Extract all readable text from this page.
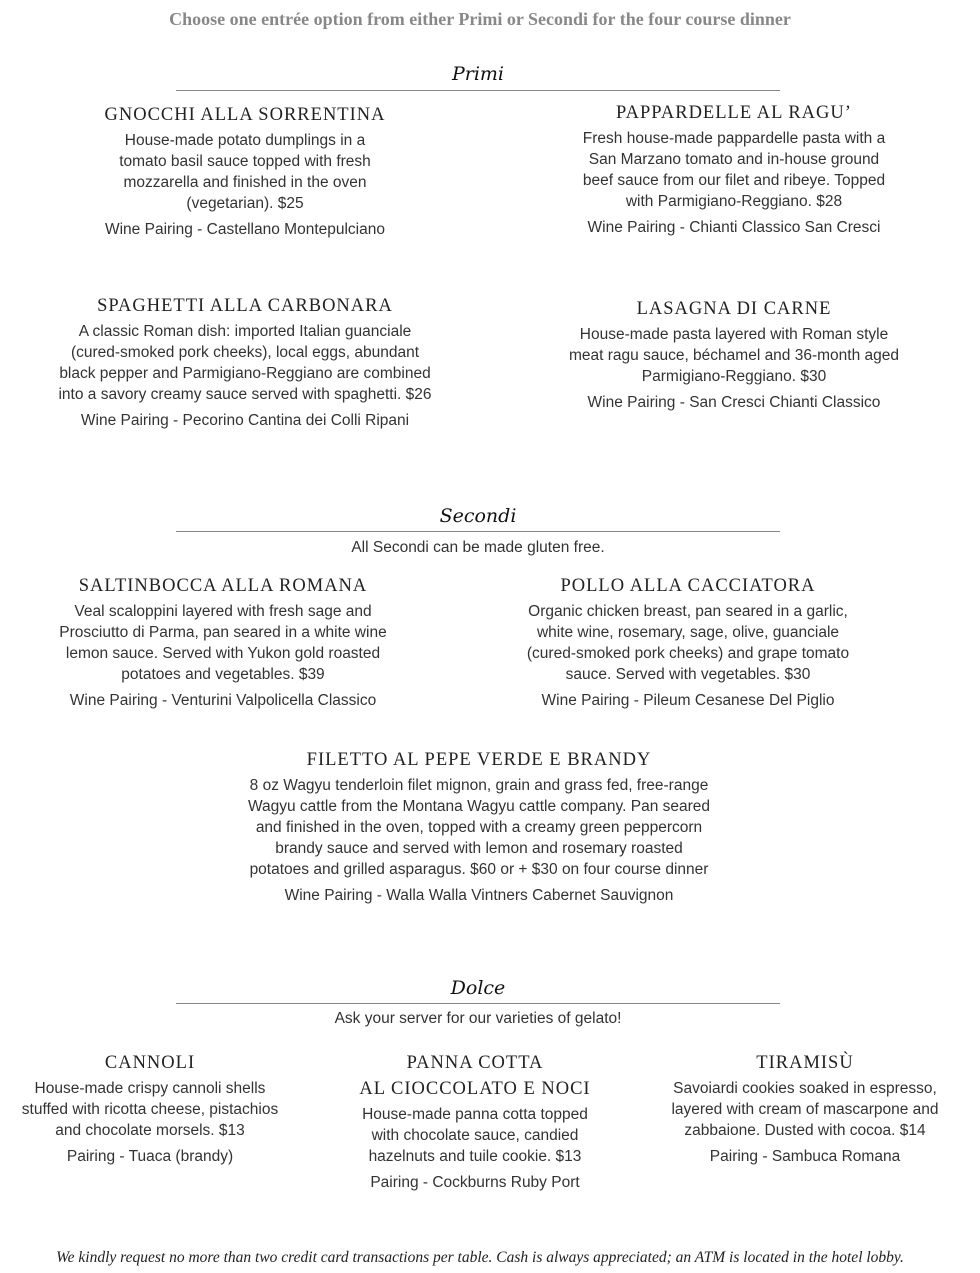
Choose one entrée option from either Primi or Secondi for the four course dinner
Primi
GNOCCHI ALLA SORRENTINA
House-made potato dumplings in a
tomato basil sauce topped with fresh
mozzarella and finished in the oven
(vegetarian). $25
Wine Pairing - Castellano Montepulciano
PAPPARDELLE AL RAGU’
Fresh house-made pappardelle pasta with a
San Marzano tomato and in-house ground
beef sauce from our filet and ribeye. Topped
with Parmigiano-Reggiano. $28
Wine Pairing - Chianti Classico San Cresci
SPAGHETTI ALLA CARBONARA
A classic Roman dish: imported Italian guanciale
(cured-smoked pork cheeks), local eggs, abundant
black pepper and Parmigiano-Reggiano are combined
into a savory creamy sauce served with spaghetti. $26
Wine Pairing - Pecorino Cantina dei Colli Ripani
LASAGNA DI CARNE
House-made pasta layered with Roman style
meat ragu sauce, béchamel and 36-month aged
Parmigiano-Reggiano. $30
Wine Pairing - San Cresci Chianti Classico
Secondi
All Secondi can be made gluten free.
SALTINBOCCA ALLA ROMANA
Veal scaloppini layered with fresh sage and
Prosciutto di Parma, pan seared in a white wine
lemon sauce. Served with Yukon gold roasted
potatoes and vegetables. $39
Wine Pairing - Venturini Valpolicella Classico
POLLO ALLA CACCIATORA
Organic chicken breast, pan seared in a garlic,
white wine, rosemary, sage, olive, guanciale
(cured-smoked pork cheeks) and grape tomato
sauce. Served with vegetables. $30
Wine Pairing - Pileum Cesanese Del Piglio
FILETTO AL PEPE VERDE E BRANDY
8 oz Wagyu tenderloin filet mignon, grain and grass fed, free-range
Wagyu cattle from the Montana Wagyu cattle company. Pan seared
and finished in the oven, topped with a creamy green peppercorn
brandy sauce and served with lemon and rosemary roasted
potatoes and grilled asparagus. $60 or + $30 on four course dinner
Wine Pairing - Walla Walla Vintners Cabernet Sauvignon
Dolce
Ask your server for our varieties of gelato!
CANNOLI
House-made crispy cannoli shells
stuffed with ricotta cheese, pistachios
and chocolate morsels. $13
Pairing - Tuaca (brandy)
PANNA COTTA
AL CIOCCOLATO E NOCI
House-made panna cotta topped
with chocolate sauce, candied
hazelnuts and tuile cookie. $13
Pairing - Cockburns Ruby Port
TIRAMISÙ
Savoiardi cookies soaked in espresso,
layered with cream of mascarpone and
zabbaione. Dusted with cocoa. $14
Pairing - Sambuca Romana
We kindly request no more than two credit card transactions per table. Cash is always appreciated; an ATM is located in the hotel lobby.
